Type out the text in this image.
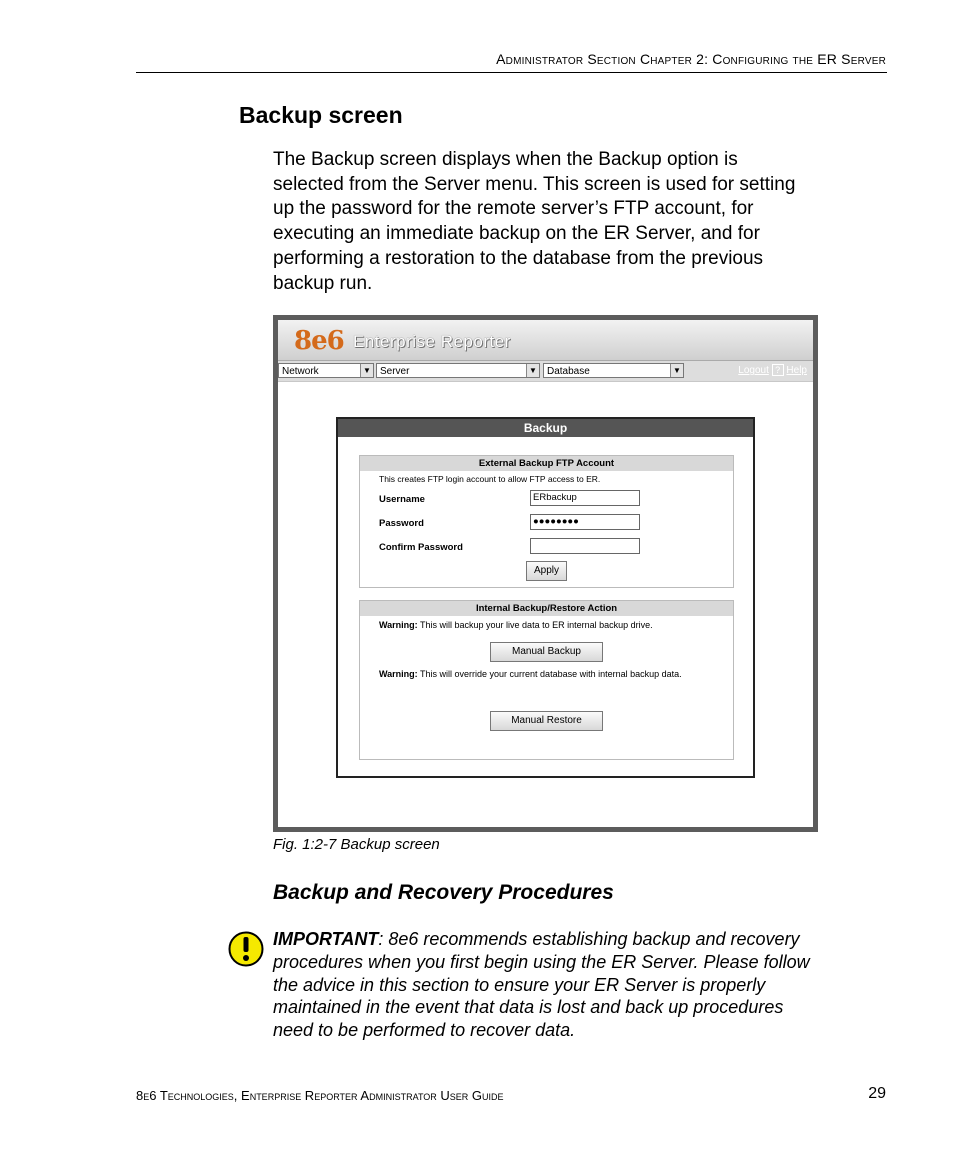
Administrator Section Chapter 2: Configuring the ER Server
Backup screen

The Backup screen displays when the Backup option is selected from the Server menu. This screen is used for setting up the password for the remote server’s FTP account, for executing an immediate backup on the ER Server, and for performing a restoration to the database from the previous backup run.

8e6 Enterprise Reporter
Network	▼ Server	▼	Database	▼	Logout ? Help
Backup
External Backup FTP Account
This creates FTP login account to allow FTP access to ER.
Username	ERbackup
Password	●●●●●●●●
Confirm Password
Apply
Internal Backup/Restore Action
Warning: This will backup your live data to ER internal backup drive.
Manual Backup
Warning: This will override your current database with internal backup data.
Manual Restore
Fig. 1:2-7 Backup screen
Backup and Recovery Procedures

IMPORTANT: 8e6 recommends establishing backup and recovery procedures when you first begin using the ER Server. Please follow the advice in this section to ensure your ER Server is properly maintained in the event that data is lost and back up procedures need to be performed to recover data.

8e6 Technologies, Enterprise Reporter Administrator User Guide	29
